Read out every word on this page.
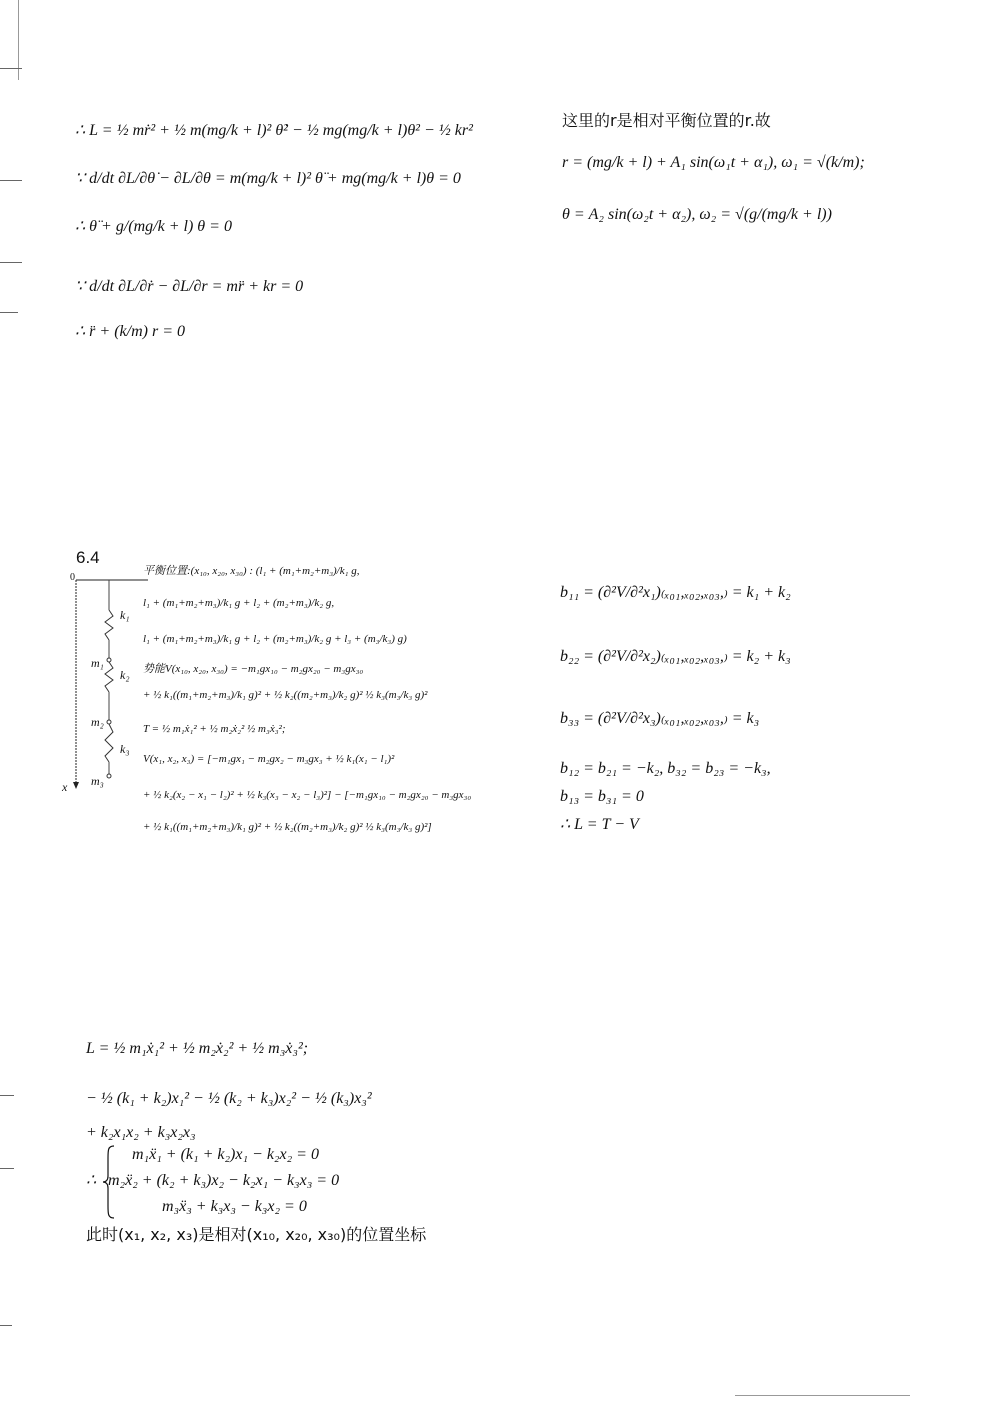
∴ L = ½ mṙ² + ½ m(mg/k + l)² θ̇² − ½ mg(mg/k + l)θ² − ½ kr²
∵ d/dt ∂L/∂θ̇ − ∂L/∂θ = m(mg/k + l)² θ̈ + mg(mg/k + l)θ = 0
∴ θ̈ + g/(mg/k + l) θ = 0
∵ d/dt ∂L/∂ṙ − ∂L/∂r = mr̈ + kr = 0
∴ r̈ + (k/m) r = 0
这里的r是相对平衡位置的r.故
r = (mg/k + l) + A₁ sin(ω₁t + α₁), ω₁ = √(k/m);
θ = A₂ sin(ω₂t + α₂), ω₂ = √(g/(mg/k + l))
6.4
0
x
k₁
m₁
k₂
m₂
k₃
m₃
平衡位置:(x₁₀, x₂₀, x₃₀) : (l₁ + (m₁+m₂+m₃)/k₁ g,
l₁ + (m₁+m₂+m₃)/k₁ g + l₂ + (m₂+m₃)/k₂ g,
l₁ + (m₁+m₂+m₃)/k₁ g + l₂ + (m₂+m₃)/k₂ g + l₃ + (m₃/k₃) g)
势能V(x₁₀, x₂₀, x₃₀) = −m₁gx₁₀ − m₂gx₂₀ − m₃gx₃₀
+ ½ k₁((m₁+m₂+m₃)/k₁ g)² + ½ k₂((m₂+m₃)/k₂ g)² ½ k₃(m₃/k₃ g)²
T = ½ m₁ẋ₁² + ½ m₂ẋ₂² ½ m₃ẋ₃²;
V(x₁, x₂, x₃) = [−m₁gx₁ − m₂gx₂ − m₃gx₃ + ½ k₁(x₁ − l₁)²
+ ½ k₂(x₂ − x₁ − l₂)² + ½ k₃(x₃ − x₂ − l₃)²] − [−m₁gx₁₀ − m₂gx₂₀ − m₃gx₃₀
+ ½ k₁((m₁+m₂+m₃)/k₁ g)² + ½ k₂((m₂+m₃)/k₂ g)² ½ k₃(m₃/k₃ g)²]
b₁₁ = (∂²V/∂²x₁)₍ₓ₀₁,ₓ₀₂,ₓ₀₃,₎ = k₁ + k₂
b₂₂ = (∂²V/∂²x₂)₍ₓ₀₁,ₓ₀₂,ₓ₀₃,₎ = k₂ + k₃
b₃₃ = (∂²V/∂²x₃)₍ₓ₀₁,ₓ₀₂,ₓ₀₃,₎ = k₃
b₁₂ = b₂₁ = −k₂, b₃₂ = b₂₃ = −k₃,
b₁₃ = b₃₁ = 0
∴ L = T − V
L = ½ m₁ẋ₁² + ½ m₂ẋ₂² + ½ m₃ẋ₃²;
− ½ (k₁ + k₂)x₁² − ½ (k₂ + k₃)x₂² − ½ (k₃)x₃²
+ k₂x₁x₂ + k₃x₂x₃
∴
m₁ẍ₁ + (k₁ + k₂)x₁ − k₂x₂ = 0
m₂ẍ₂ + (k₂ + k₃)x₂ − k₂x₁ − k₃x₃ = 0
m₃ẍ₃ + k₃x₃ − k₃x₂ = 0
此时(x₁, x₂, x₃)是相对(x₁₀, x₂₀, x₃₀)的位置坐标
